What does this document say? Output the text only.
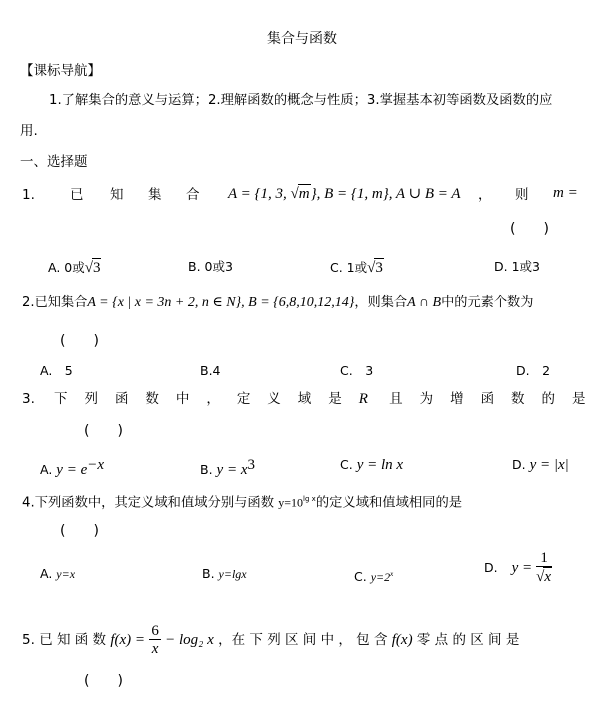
集合与函数
【课标导航】
1.了解集合的意义与运算；2.理解函数的概念与性质；3.掌握基本初等函数及函数的应
用.
一、选择题
1.	已 知 集 合 A = {1, 3, √m}, B = {1, m}, A ∪ B = A ， 则 m =
(　　)
A. 0或√3	B. 0或3	C. 1或√3	D. 1或3
2.已知集合A = {x | x = 3n + 2, n ∈ N}, B = {6,8,10,12,14}，则集合A ∩ B中的元素个数为
(　　)
A.　5	B.4	C.　3	D.　2
3. 下 列 函 数 中 ， 定 义 域 是 R 且 为 增 函 数 的 是
(　　)
A. $y = e^{-x}$	B. $y = x^3$	C. y = ln x	D. y = |x|
4.下列函数中，其定义域和值域分别与函数 $y=10^{lg x}$的定义域和值域相同的是
(　　)
A. y=x	B. y=lgx	C. $y=2^x$	D. $y = \frac{1}{√x}$
5. 已 知 函 数 $f(x) = \frac{6}{x} - \log_2$ x ，在 下 列 区 间 中 ， 包 含 f(x) 零 点 的 区 间 是
(　　)
